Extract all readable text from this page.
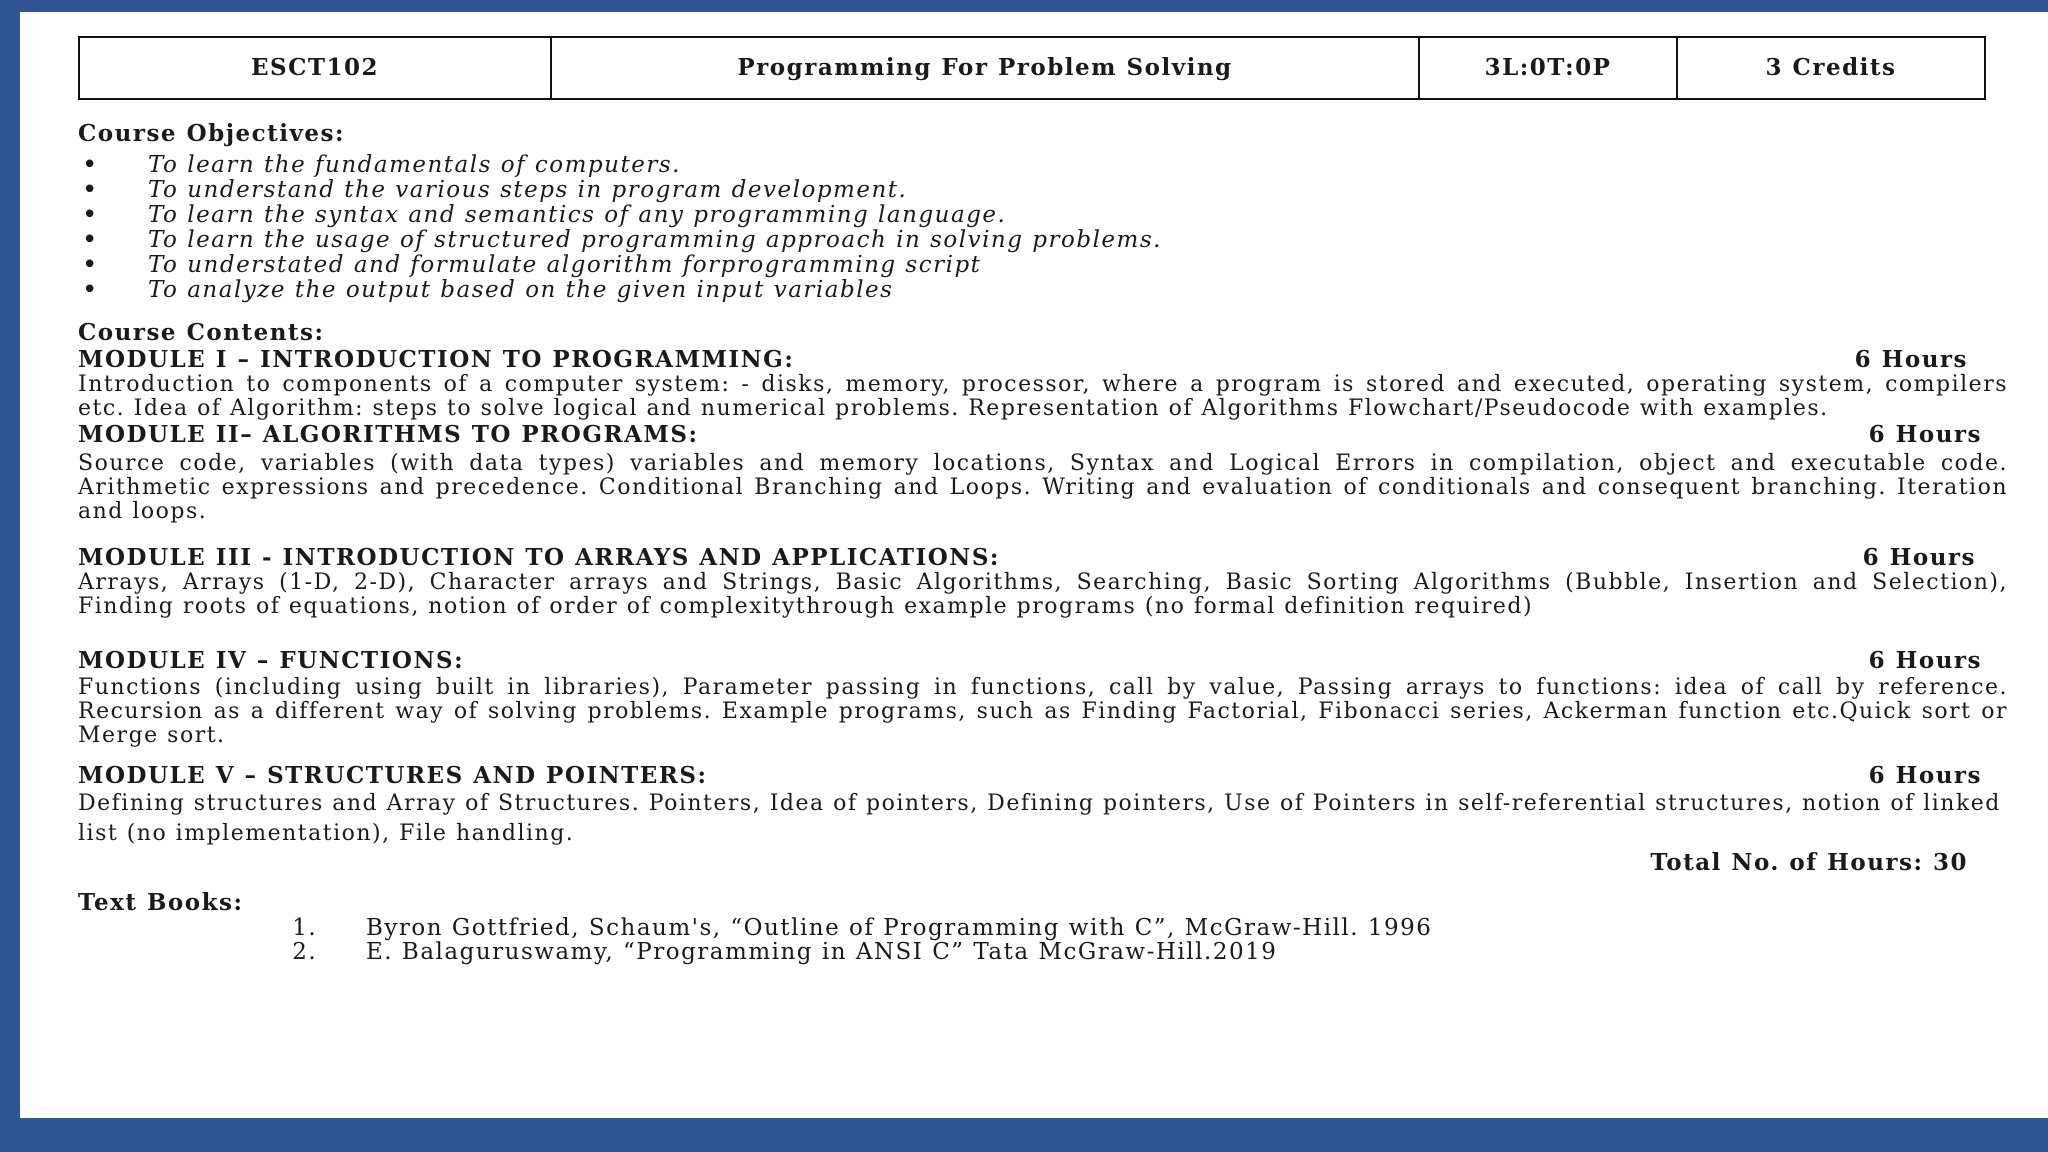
ESCT102	Programming For Problem Solving	3L:0T:0P	3 Credits

Course Objectives:

• To learn the fundamentals of computers.
• To understand the various steps in program development.
• To learn the syntax and semantics of any programming language.
• To learn the usage of structured programming approach in solving problems.
• To understated and formulate algorithm forprogramming script
• To analyze the output based on the given input variables

Course Contents:

MODULE I – INTRODUCTION TO PROGRAMMING:	6 Hours

Introduction to components of a computer system: - disks, memory, processor, where a program is stored and executed, operating system, compilers etc. Idea of Algorithm: steps to solve logical and numerical problems. Representation of Algorithms Flowchart/Pseudocode with examples.

MODULE II– ALGORITHMS TO PROGRAMS:	6 Hours

Source code, variables (with data types) variables and memory locations, Syntax and Logical Errors in compilation, object and executable code. Arithmetic expressions and precedence. Conditional Branching and Loops. Writing and evaluation of conditionals and consequent branching. Iteration and loops.

MODULE III - INTRODUCTION TO ARRAYS AND APPLICATIONS:	6 Hours

Arrays, Arrays (1-D, 2-D), Character arrays and Strings, Basic Algorithms, Searching, Basic Sorting Algorithms (Bubble, Insertion and Selection), Finding roots of equations, notion of order of complexitythrough example programs (no formal definition required)

MODULE IV – FUNCTIONS:	6 Hours

Functions (including using built in libraries), Parameter passing in functions, call by value, Passing arrays to functions: idea of call by reference. Recursion as a different way of solving problems. Example programs, such as Finding Factorial, Fibonacci series, Ackerman function etc.Quick sort or Merge sort.

MODULE V – STRUCTURES AND POINTERS:	6 Hours

Defining structures and Array of Structures. Pointers, Idea of pointers, Defining pointers, Use of Pointers in self-referential structures, notion of linked list (no implementation), File handling.

Total No. of Hours: 30

Text Books:

1. Byron Gottfried, Schaum's, “Outline of Programming with C”, McGraw-Hill. 1996
2. E. Balaguruswamy, “Programming in ANSI C” Tata McGraw-Hill.2019
